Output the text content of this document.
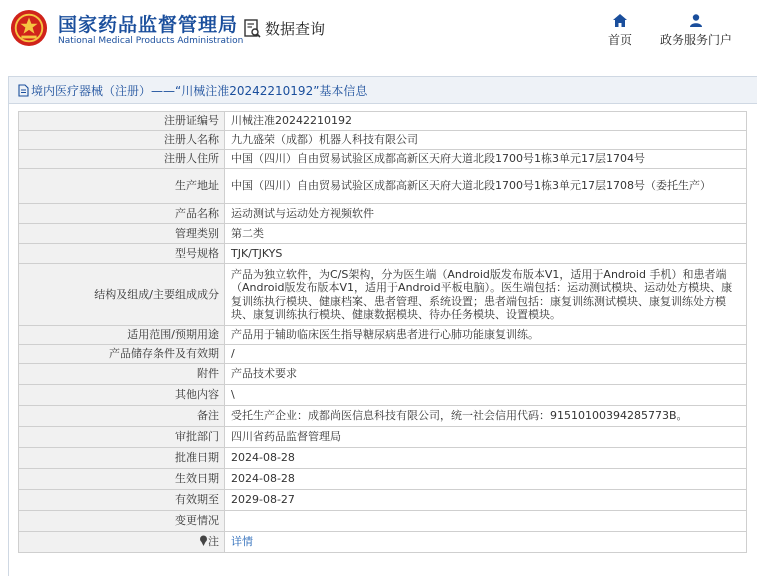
国家药品监督管理局
National Medical Products Administration
数据查询
首页 政务服务门户
境内医疗器械（注册）——“川械注准20242210192”基本信息
注册证编号	川械注准20242210192
注册人名称	九九盛荣（成都）机器人科技有限公司
注册人住所	中国（四川）自由贸易试验区成都高新区天府大道北段1700号1栋3单元17层1704号
生产地址	中国（四川）自由贸易试验区成都高新区天府大道北段1700号1栋3单元17层1708号（委托生产）
产品名称	运动测试与运动处方视频软件
管理类别	第二类
型号规格	TJK/TJKYS
结构及组成/主要组成成分	产品为独立软件，为C/S架构，分为医生端（Android版发布版本V1，适用于Android 手机）和患者端（Android版发布版本V1，适用于Android平板电脑）。医生端包括：运动测试模块、运动处方模块、康复训练执行模块、健康档案、患者管理、系统设置；患者端包括：康复训练测试模块、康复训练处方模块、康复训练执行模块、健康数据模块、待办任务模块、设置模块。
适用范围/预期用途	产品用于辅助临床医生指导糖尿病患者进行心肺功能康复训练。
产品储存条件及有效期	/
附件	产品技术要求
其他内容	\
备注	受托生产企业：成都尚医信息科技有限公司，统一社会信用代码：91510100394285773B。
审批部门	四川省药品监督管理局
批准日期	2024-08-28
生效日期	2024-08-28
有效期至	2029-08-27
变更情况	
注	详情
